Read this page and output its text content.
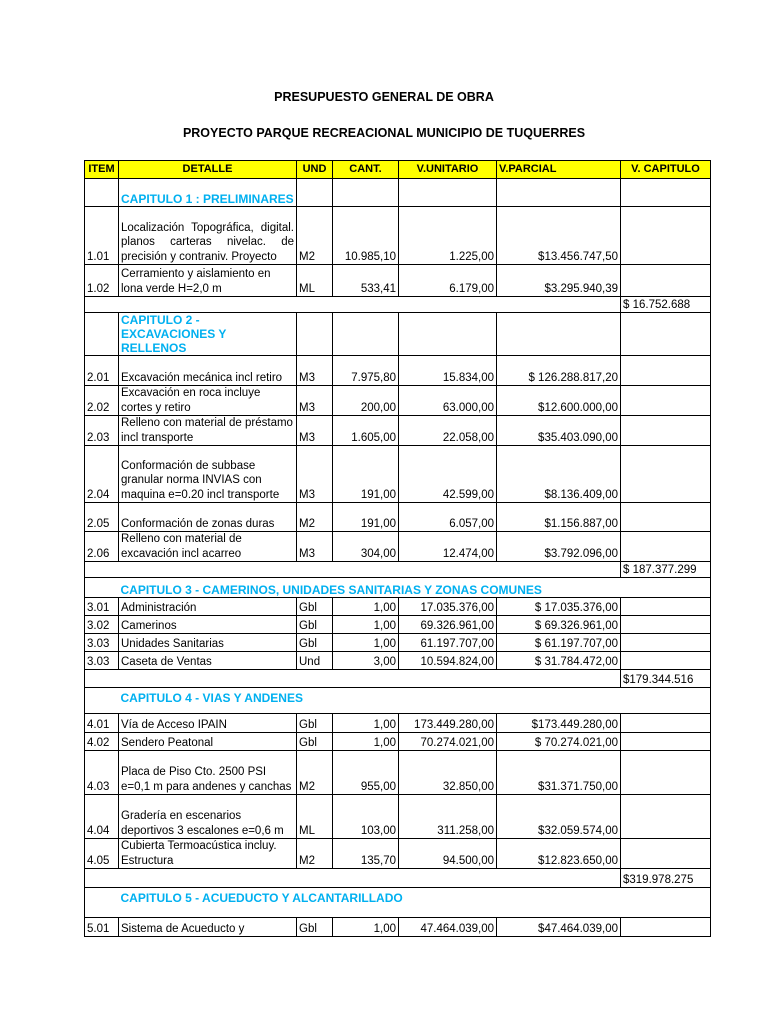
PRESUPUESTO GENERAL DE OBRA
PROYECTO PARQUE RECREACIONAL MUNICIPIO DE TUQUERRES
ITEM	DETALLE	UND	CANT.	V.UNITARIO	V.PARCIAL	V. CAPITULO
	CAPITULO 1 : PRELIMINARES					
1.01	Localización Topográfica, digital. planos carteras nivelac. de precisión y contraniv. Proyecto	M2	10.985,10	1.225,00	$13.456.747,50	
1.02	Cerramiento y aislamiento en lona verde H=2,0 m	ML	533,41	6.179,00	$3.295.940,39	
						$ 16.752.688
	CAPITULO 2 - EXCAVACIONES Y RELLENOS					
2.01	Excavación mecánica incl retiro	M3	7.975,80	15.834,00	$ 126.288.817,20	
2.02	Excavación en roca incluye cortes y retiro	M3	200,00	63.000,00	$12.600.000,00	
2.03	Relleno con material de préstamo incl transporte	M3	1.605,00	22.058,00	$35.403.090,00	
2.04	Conformación de subbase granular norma INVIAS con maquina e=0.20 incl transporte	M3	191,00	42.599,00	$8.136.409,00	
2.05	Conformación de zonas duras	M2	191,00	6.057,00	$1.156.887,00	
2.06	Relleno con material de excavación incl acarreo	M3	304,00	12.474,00	$3.792.096,00	
						$ 187.377.299
	CAPITULO 3 - CAMERINOS, UNIDADES SANITARIAS Y ZONAS COMUNES					
3.01	Administración	Gbl	1,00	17.035.376,00	$ 17.035.376,00	
3.02	Camerinos	Gbl	1,00	69.326.961,00	$ 69.326.961,00	
3.03	Unidades Sanitarias	Gbl	1,00	61.197.707,00	$ 61.197.707,00	
3.03	Caseta de Ventas	Und	3,00	10.594.824,00	$ 31.784.472,00	
						$179.344.516
	CAPITULO 4 - VIAS Y ANDENES					
4.01	Vía de Acceso IPAIN	Gbl	1,00	173.449.280,00	$173.449.280,00	
4.02	Sendero Peatonal	Gbl	1,00	70.274.021,00	$ 70.274.021,00	
4.03	Placa de Piso Cto. 2500 PSI e=0,1 m para andenes y canchas	M2	955,00	32.850,00	$31.371.750,00	
4.04	Gradería en escenarios deportivos 3 escalones e=0,6 m	ML	103,00	311.258,00	$32.059.574,00	
4.05	Cubierta Termoacústica incluy. Estructura	M2	135,70	94.500,00	$12.823.650,00	
						$319.978.275
	CAPITULO 5 - ACUEDUCTO Y ALCANTARILLADO					
5.01	Sistema de Acueducto y	Gbl	1,00	47.464.039,00	$47.464.039,00	
